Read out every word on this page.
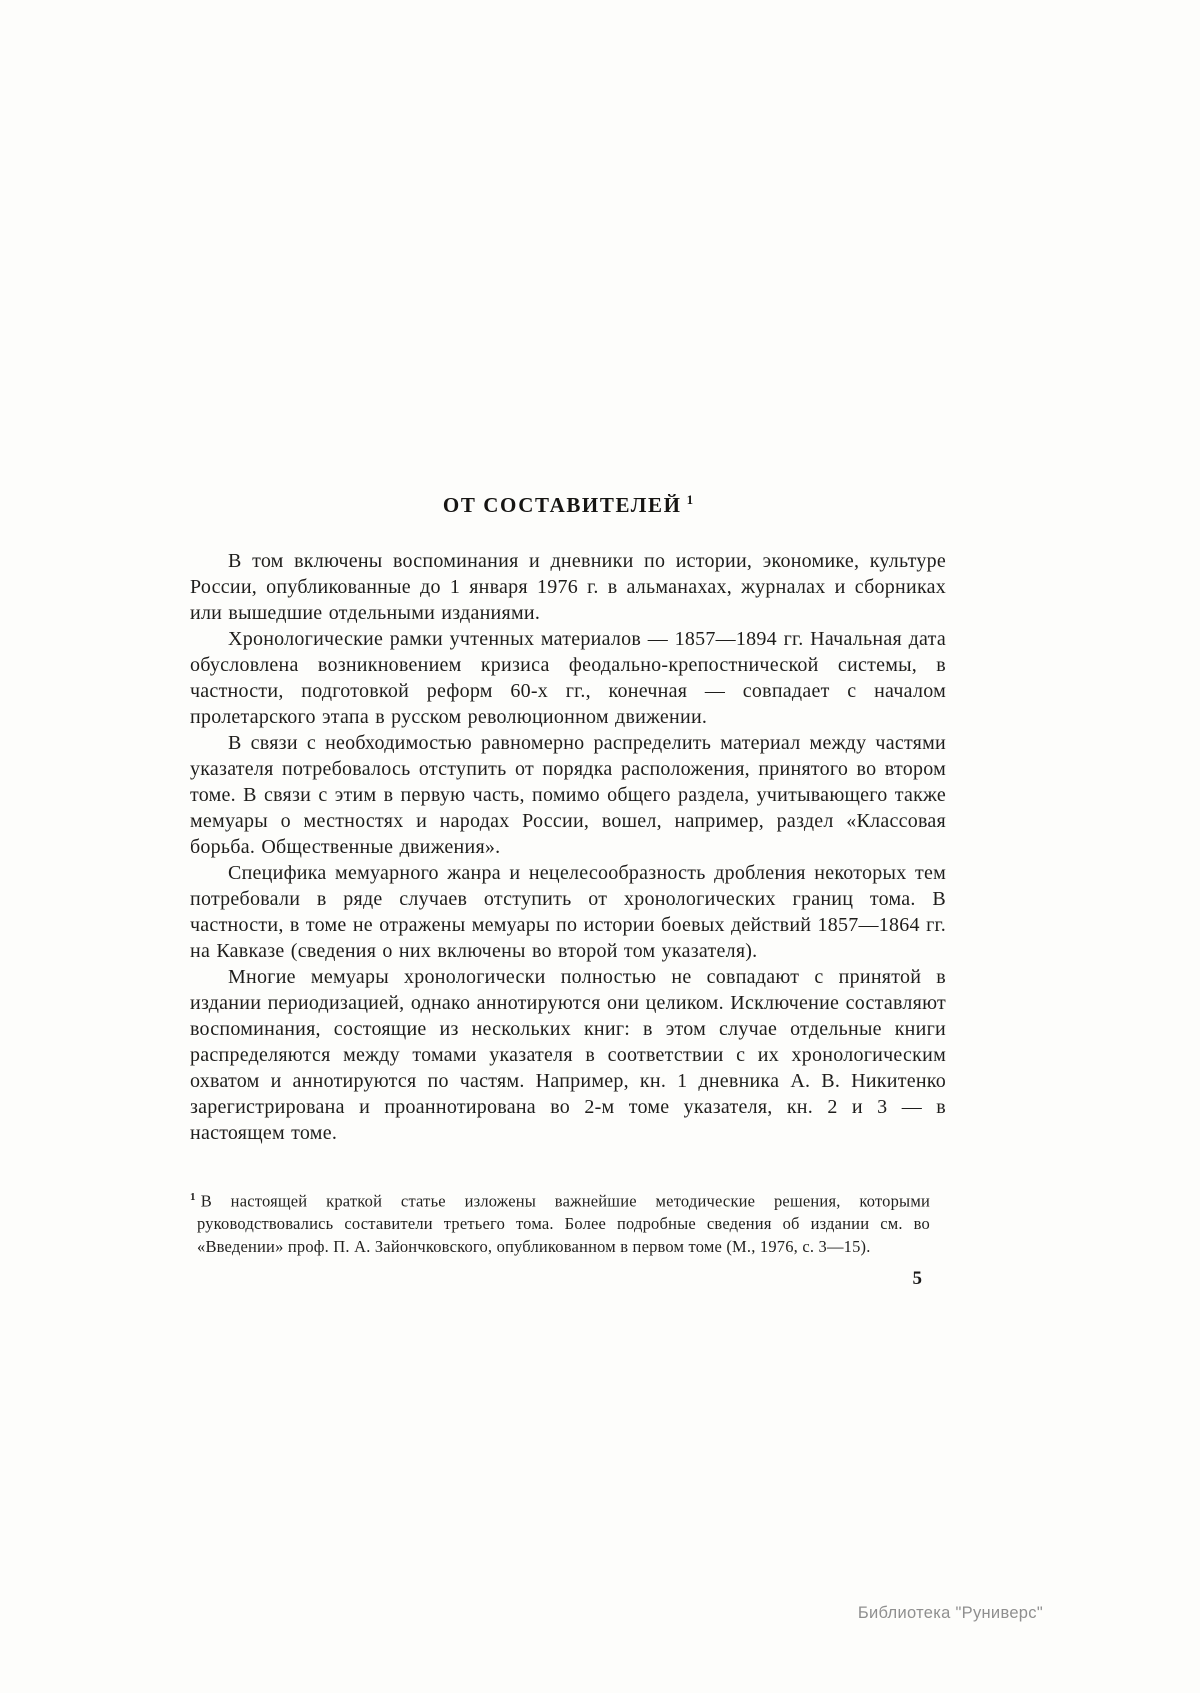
ОТ СОСТАВИТЕЛЕЙ $^1$

В том включены воспоминания и дневники по истории, экономике, культуре России, опубликованные до 1 января 1976 г. в альманахах, журналах и сборниках или вышедшие отдельными изданиями.

Хронологические рамки учтенных материалов — 1857—1894 гг. Начальная дата обусловлена возникновением кризиса феодально-крепостнической системы, в частности, подготовкой реформ 60-х гг., конечная — совпадает с началом пролетарского этапа в русском революционном движении.

В связи с необходимостью равномерно распределить материал между частями указателя потребовалось отступить от порядка расположения, принятого во втором томе. В связи с этим в первую часть, помимо общего раздела, учитывающего также мемуары о местностях и народах России, вошел, например, раздел «Классовая борьба. Общественные движения».

Специфика мемуарного жанра и нецелесообразность дробления некоторых тем потребовали в ряде случаев отступить от хронологических границ тома. В частности, в томе не отражены мемуары по истории боевых действий 1857—1864 гг. на Кавказе (сведения о них включены во второй том указателя).

Многие мемуары хронологически полностью не совпадают с принятой в издании периодизацией, однако аннотируются они целиком. Исключение составляют воспоминания, состоящие из нескольких книг: в этом случае отдельные книги распределяются между томами указателя в соответствии с их хронологическим охватом и аннотируются по частям. Например, кн. 1 дневника А. В. Никитенко зарегистрирована и проаннотирована во 2-м томе указателя, кн. 2 и 3 — в настоящем томе.

$^1$ В настоящей краткой статье изложены важнейшие методические решения, которыми руководствовались составители третьего тома. Более подробные сведения об издании см. во «Введении» проф. П. А. Зайончковского, опубликованном в первом томе (М., 1976, с. 3—15).

5
Библиотека "Руниверс"
